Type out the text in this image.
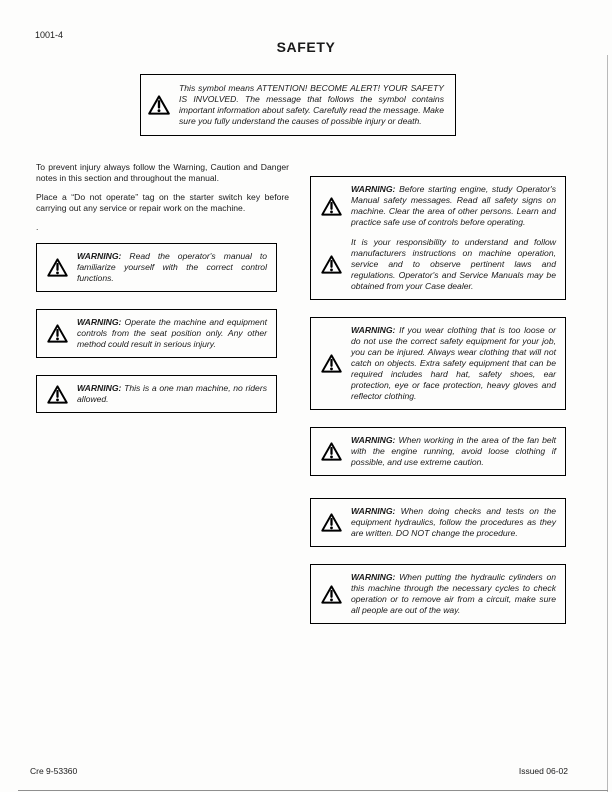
1001-4
SAFETY
This symbol means ATTENTION! BECOME ALERT! YOUR SAFETY IS INVOLVED. The message that follows the symbol contains important information about safety. Carefully read the message. Make sure you fully understand the causes of possible injury or death.

To prevent injury always follow the Warning, Caution and Danger notes in this section and throughout the manual.

Place a “Do not operate” tag on the starter switch key before carrying out any service or repair work on the machine.

.

WARNING: Read the operator's manual to familiarize yourself with the correct control functions.

WARNING: Operate the machine and equipment controls from the seat position only. Any other method could result in serious injury.

WARNING: This is a one man machine, no riders allowed.

WARNING: Before starting engine, study Operator's Manual safety messages. Read all safety signs on machine. Clear the area of other persons. Learn and practice safe use of controls before operating.

It is your responsibility to understand and follow manufacturers instructions on machine operation, service and to observe pertinent laws and regulations. Operator's and Service Manuals may be obtained from your Case dealer.

WARNING: If you wear clothing that is too loose or do not use the correct safety equipment for your job, you can be injured. Always wear clothing that will not catch on objects. Extra safety equipment that can be required includes hard hat, safety shoes, ear protection, eye or face protection, heavy gloves and reflector clothing.

WARNING: When working in the area of the fan belt with the engine running, avoid loose clothing if possible, and use extreme caution.

WARNING: When doing checks and tests on the equipment hydraulics, follow the procedures as they are written. DO NOT change the procedure.

WARNING: When putting the hydraulic cylinders on this machine through the necessary cycles to check operation or to remove air from a circuit, make sure all people are out of the way.

Cre 9-53360	Issued 06-02
